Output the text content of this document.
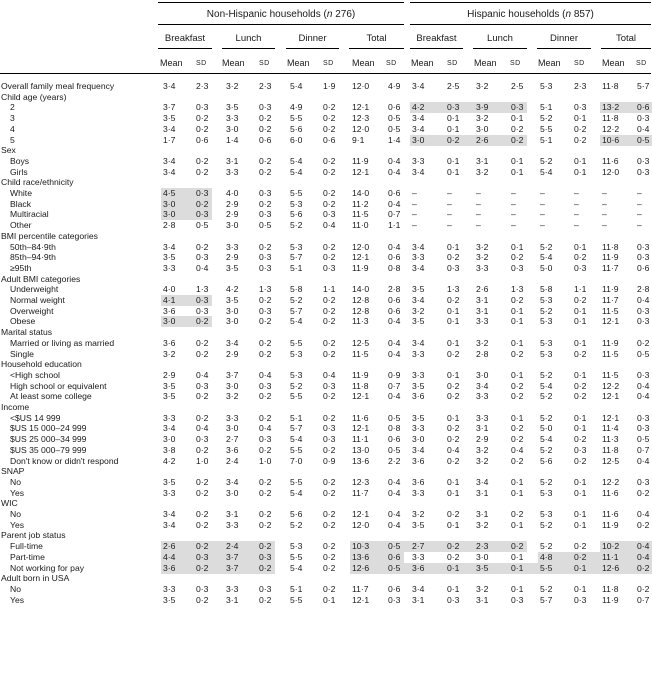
Non-Hispanic households (n 276)	Hispanic households (n 857)
Breakfast	Lunch	Dinner	Total	Breakfast	Lunch	Dinner	Total
Mean SD Mean SD Mean SD Mean SD Mean SD Mean SD Mean SD Mean SD
Overall family meal frequency	3·4 2·3 3·2 2·3 5·4 1·9 12·0 4·9 3·4	2·5 3·2	2·5 5·3	2·3 11·8 5·7
Child age (years)
2	3·7 0·3 3·5 0·3 4·9 0·2 12·1 0·6 4·2	0·3 3·9	0·3 5·1	0·3 13·2 0·6
3	3·5 0·2 3·3 0·2 5·5 0·2 12·3 0·5 3·4	0·1 3·2	0·1 5·2	0·1 11·8 0·3
4	3·4 0·2 3·0 0·2 5·6 0·2 12·0 0·5 3·4	0·1 3·0	0·2 5·5	0·2 12·2 0·4
5	1·7 0·6 1·4 0·6 6·0 0·6 9·1	1·4 3·0	0·2 2·6	0·2 5·1	0·2 10·6 0·5
Sex
Boys	3·4 0·2 3·1 0·2 5·4 0·2 11·9 0·4 3·3	0·1 3·1	0·1 5·2	0·1 11·6 0·3
Girls	3·4 0·2 3·3 0·2 5·4 0·2 12·1 0·4 3·4	0·1 3·2	0·1 5·4	0·1 12·0 0·3
Child race/ethnicity
White	4·5 0·3 4·0 0·3 5·5 0·2 14·0 0·6 –	–	–	–	–	–	–	–
Black	3·0 0·2 2·9 0·2 5·3 0·2 11·2 0·4 –	–	–	–	–	–	–	–
Multiracial	3·0 0·3 2·9 0·3 5·6 0·3 11·5 0·7 –	–	–	–	–	–	–	–
Other	2·8 0·5 3·0 0·5 5·2 0·4 11·0 1·1 –	–	–	–	–	–	–	–
BMI percentile categories
50th–84·9th	3·4 0·2 3·3 0·2 5·3 0·2 12·0 0·4 3·4	0·1 3·2	0·1 5·2	0·1 11·8 0·3
85th–94·9th	3·5 0·3 2·9 0·3 5·7 0·2 12·1 0·6 3·3	0·2 3·2	0·2 5·4	0·2 11·9 0·3
≥95th	3·3 0·4 3·5 0·3 5·1 0·3 11·9 0·8 3·4	0·3 3·3	0·3 5·0	0·3 11·7 0·6
Adult BMI categories
Underweight	4·0 1·3 4·2 1·3 5·8 1·1 14·0 2·8 3·5	1·3 2·6	1·3 5·8	1·1 11·9 2·8
Normal weight	4·1 0·3 3·5 0·2 5·2 0·2 12·8 0·6 3·4	0·2 3·1	0·2 5·3	0·2 11·7 0·4
Overweight	3·6 0·3 3·0 0·3 5·7 0·2 12·8 0·6 3·2	0·1 3·1	0·1 5·2	0·1 11·5 0·3
Obese	3·0 0·2 3·0 0·2 5·4 0·2 11·3 0·4 3·5	0·1 3·3	0·1 5·3	0·1 12·1 0·3
Marital status
Married or living as married	3·6 0·2 3·4 0·2 5·5 0·2 12·5 0·4 3·4	0·1 3·2	0·1 5·3	0·1 11·9 0·2
Single	3·2 0·2 2·9 0·2 5·3 0·2 11·5 0·4 3·3	0·2 2·8	0·2 5·3	0·2 11·5 0·5
Household education
<High school	2·9 0·4 3·7 0·4 5·3 0·4 11·9 0·9 3·3	0·1 3·0	0·1 5·2	0·1 11·5 0·3
High school or equivalent	3·5 0·3 3·0 0·3 5·2 0·3 11·8 0·7 3·5	0·2 3·4	0·2 5·4	0·2 12·2 0·4
At least some college	3·5 0·2 3·2 0·2 5·5 0·2 12·1 0·4 3·6	0·2 3·3	0·2 5·2	0·2 12·1 0·4
Income
<$US 14 999	3·3 0·2 3·3 0·2 5·1 0·2 11·6 0·5 3·5	0·1 3·3	0·1 5·2	0·1 12·1 0·3
$US 15 000–24 999	3·4 0·4 3·0 0·4 5·7 0·3 12·1 0·8 3·3	0·2 3·1	0·2 5·0	0·1 11·4 0·3
$US 25 000–34 999	3·0 0·3 2·7 0·3 5·4 0·3 11·1 0·6 3·0	0·2 2·9	0·2 5·4	0·2 11·3 0·5
$US 35 000–79 999	3·8 0·2 3·6 0·2 5·5 0·2 13·0 0·5 3·4	0·4 3·2	0·4 5·2	0·3 11·8 0·7
Don't know or didn't respond	4·2 1·0 2·4 1·0 7·0 0·9 13·6 2·2 3·6	0·2 3·2	0·2 5·6	0·2 12·5 0·4
SNAP
No	3·5 0·2 3·4 0·2 5·5 0·2 12·3 0·4 3·6	0·1 3·4	0·1 5·2	0·1 12·2 0·3
Yes	3·3 0·2 3·0 0·2 5·4 0·2 11·7 0·4 3·3	0·1 3·1	0·1 5·3	0·1 11·6 0·2
WIC
No	3·4 0·2 3·1 0·2 5·6 0·2 12·1 0·4 3·2	0·2 3·1	0·2 5·3	0·1 11·6 0·4
Yes	3·4 0·2 3·3 0·2 5·2 0·2 12·0 0·4 3·5	0·1 3·2	0·1 5·2	0·1 11·9 0·2
Parent job status
Full-time	2·6 0·2 2·4 0·2 5·3 0·2 10·3 0·5 2·7	0·2 2·3	0·2 5·2	0·2 10·2 0·4
Part-time	4·4 0·3 3·7 0·3 5·5 0·2 13·6 0·6 3·3	0·2 3·0	0·1 4·8	0·2 11·1 0·4
Not working for pay	3·6 0·2 3·7 0·2 5·4 0·2 12·6 0·5 3·6	0·1 3·5	0·1 5·5	0·1 12·6 0·2
Adult born in USA
No	3·3 0·3 3·3 0·3 5·1 0·2 11·7 0·6 3·4	0·1 3·2	0·1 5·2	0·1 11·8 0·2
Yes	3·5 0·2 3·1 0·2 5·5 0·1 12·1 0·3 3·1	0·3 3·1	0·3 5·7	0·3 11·9 0·7
